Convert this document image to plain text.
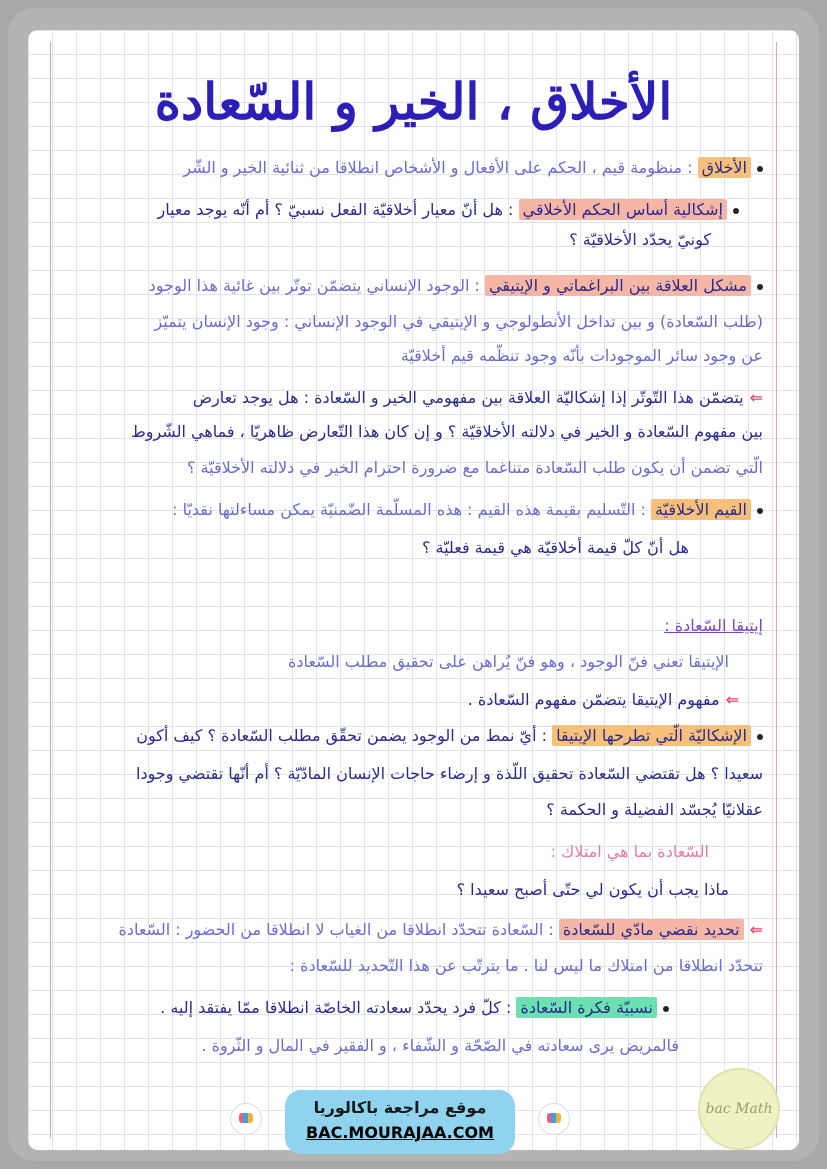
الأخلاق ، الخير و السّعادة
الأخلاق : منظومة قيم ، الحكم على الأفعال و الأشخاص انطلاقا من ثنائية الخير و الشّر
إشكالية أساس الحكم الأخلاقي : هل أنّ معيار أخلاقيّة الفعل نسبيّ ؟ أم أنّه يوجد معيار
كونيّ يحدّد الأخلاقيّة ؟
مشكل العلاقة بين البراغماتي و الإيتيقي : الوجود الإنساني يتضمّن توتّر بين غائية هذا الوجود
(طلب السّعادة) و بين تداخل الأنطولوجي و الإيتيقي في الوجود الإنساني : وجود الإنسان يتميّز
عن وجود سائر الموجودات بأنّه وجود تنظّمه قيم أخلاقيّة
⇐يتضمّن هذا التّوتّر إذا إشكاليّة العلاقة بين مفهومي الخير و السّعادة : هل يوجد تعارض
بين مفهوم السّعادة و الخير في دلالته الأخلاقيّة ؟ و إن كان هذا التّعارض ظاهريّا ، فماهي الشّروط
الّتي تضمن أن يكون طلب السّعادة متناغما مع ضرورة احترام الخير في دلالته الأخلاقيّة ؟
القيم الأخلاقيّة : التّسليم بقيمة هذه القيم : هذه المسلّمة الضّمنيّة يمكن مساءلتها نقديّا :
هل أنّ كلّ قيمة أخلاقيّة هي قيمة فعليّة ؟
إيتيقا السّعادة :
الإيتيقا تعني فنّ الوجود ، وهو فنّ يُراهن على تحقيق مطلب السّعادة
⇐مفهوم الإيتيقا يتضمّن مفهوم السّعادة .
الإشكاليّة الّتي تطرحها الإيتيقا : أيّ نمط من الوجود يضمن تحقّق مطلب السّعادة ؟ كيف أكون
سعيدا ؟ هل تقتضي السّعادة تحقيق اللّذة و إرضاء حاجات الإنسان المادّيّة ؟ أم أنّها تقتضي وجودا
عقلانيّا يُجسّد الفضيلة و الحكمة ؟
السّعادة بما هي امتلاك :
ماذا يجب أن يكون لي حتّى أصبح سعيدا ؟
⇐تحديد نقضي مادّي للسّعادة : السّعادة تتحدّد انطلاقا من الغياب لا انطلاقا من الحضور : السّعادة
تتحدّد انطلاقا من امتلاك ما ليس لنا . ما يترتّب عن هذا التّحديد للسّعادة :
نسبيّة فكرة السّعادة : كلّ فرد يحدّد سعادته الخاصّة انطلاقا ممّا يفتقد إليه .
فالمريض يرى سعادته في الصّحّة و الشّفاء ، و الفقير في المال و الثّروة .
موقع مراجعة باكالوريا
BAC.MOURAJAA.COM
bac Math
